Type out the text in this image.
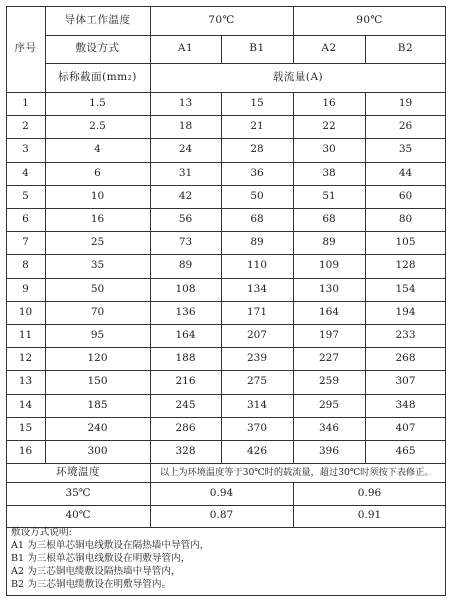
序号
导体工作温度	70℃	90℃
敷设方式	A1	B1	A2	B2
标称截面(mm 2 )	载流量(A)
1	1.5	13	15	16	19
2	2.5	18	21	22	26
3	4	24	28	30	35
4	6	31	36	38	44
5	10	42	50	51	60
6	16	56	68	68	80
7	25	73	89	89	105
8	35	89	110	109	128
9	50	108	134	130	154
10	70	136	171	164	194
11	95	164	207	197	233
12	120	188	239	227	268
13	150	216	275	259	307
14	185	245	314	295	348
15	240	286	370	346	407
16	300	328	426	396	465
环境温度	以上为环境温度等于30℃时的载流量，超过30℃时须按下表修正。
35℃	0.94	0.96
40℃	0.87	0.91
敷设方式说明:
A1 为三根单芯铜电线敷设在隔热墙中导管内，
B1 为三根单芯铜电线敷设在明敷导管内，
A2 为三芯铜电缆敷设隔热墙中导管内，
B2 为三芯铜电缆敷设在明敷导管内。
